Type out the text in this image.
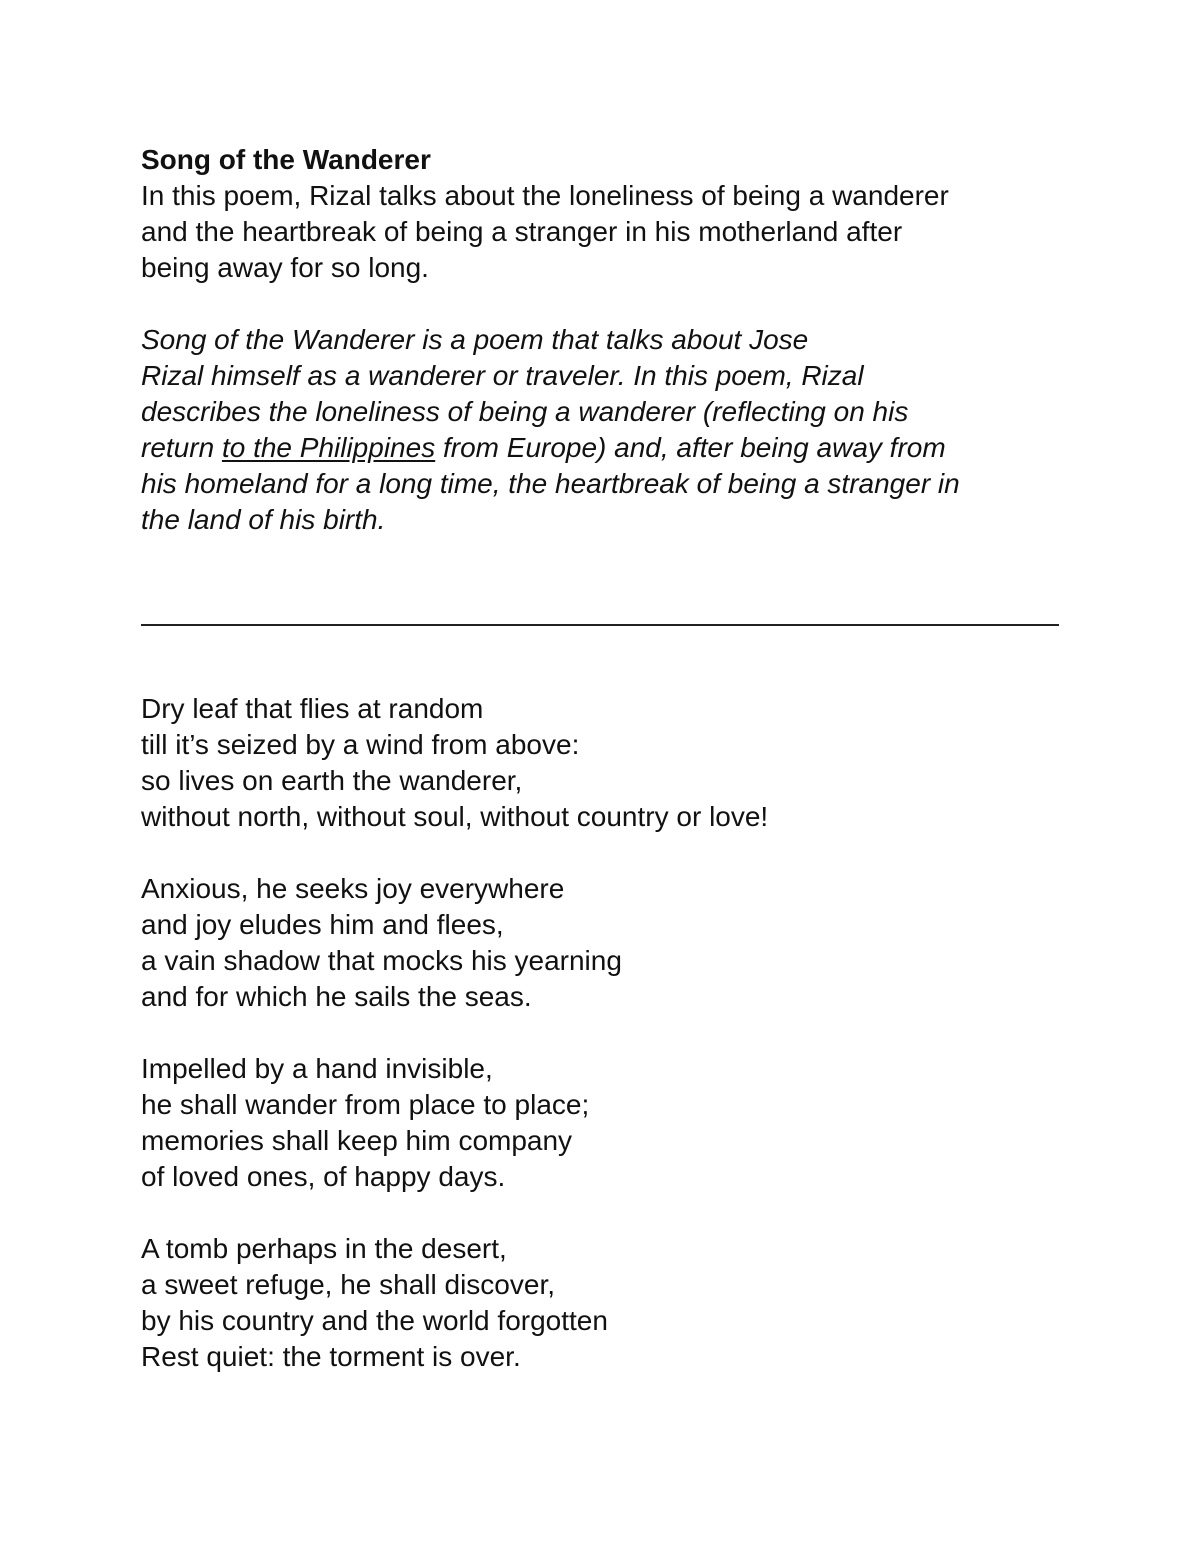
Song of the Wanderer

In this poem, Rizal talks about the loneliness of being a wanderer

and the heartbreak of being a stranger in his motherland after

being away for so long.

Song of the Wanderer is a poem that talks about Jose

Rizal himself as a wanderer or traveler. In this poem, Rizal

describes the loneliness of being a wanderer (reflecting on his

return to the Philippines from Europe) and, after being away from

his homeland for a long time, the heartbreak of being a stranger in

the land of his birth.

Dry leaf that flies at random

till it’s seized by a wind from above:

so lives on earth the wanderer,

without north, without soul, without country or love!

Anxious, he seeks joy everywhere

and joy eludes him and flees,

a vain shadow that mocks his yearning

and for which he sails the seas.

Impelled by a hand invisible,

he shall wander from place to place;

memories shall keep him company

of loved ones, of happy days.

A tomb perhaps in the desert,

a sweet refuge, he shall discover,

by his country and the world forgotten

Rest quiet: the torment is over.
